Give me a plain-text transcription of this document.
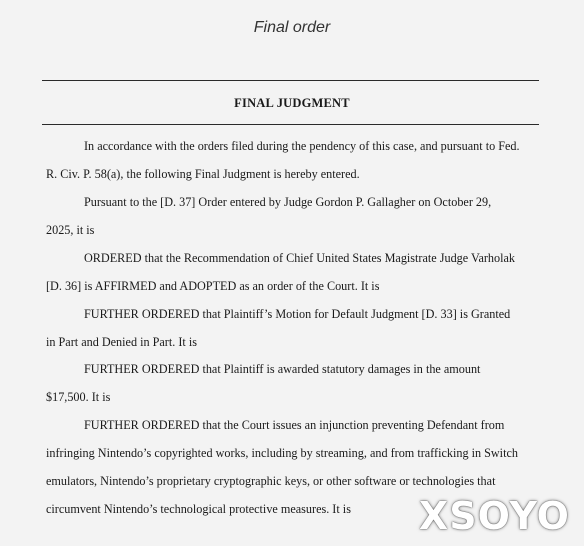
Final order
FINAL JUDGMENT
In accordance with the orders filed during the pendency of this case, and pursuant to Fed.
R. Civ. P. 58(a), the following Final Judgment is hereby entered.
Pursuant to the [D. 37] Order entered by Judge Gordon P. Gallagher on October 29,
2025, it is
ORDERED that the Recommendation of Chief United States Magistrate Judge Varholak
[D. 36] is AFFIRMED and ADOPTED as an order of the Court. It is
FURTHER ORDERED that Plaintiff’s Motion for Default Judgment [D. 33] is Granted
in Part and Denied in Part. It is
FURTHER ORDERED that Plaintiff is awarded statutory damages in the amount
$17,500. It is
FURTHER ORDERED that the Court issues an injunction preventing Defendant from
infringing Nintendo’s copyrighted works, including by streaming, and from trafficking in Switch
emulators, Nintendo’s proprietary cryptographic keys, or other software or technologies that
circumvent Nintendo’s technological protective measures. It is XSOYO
